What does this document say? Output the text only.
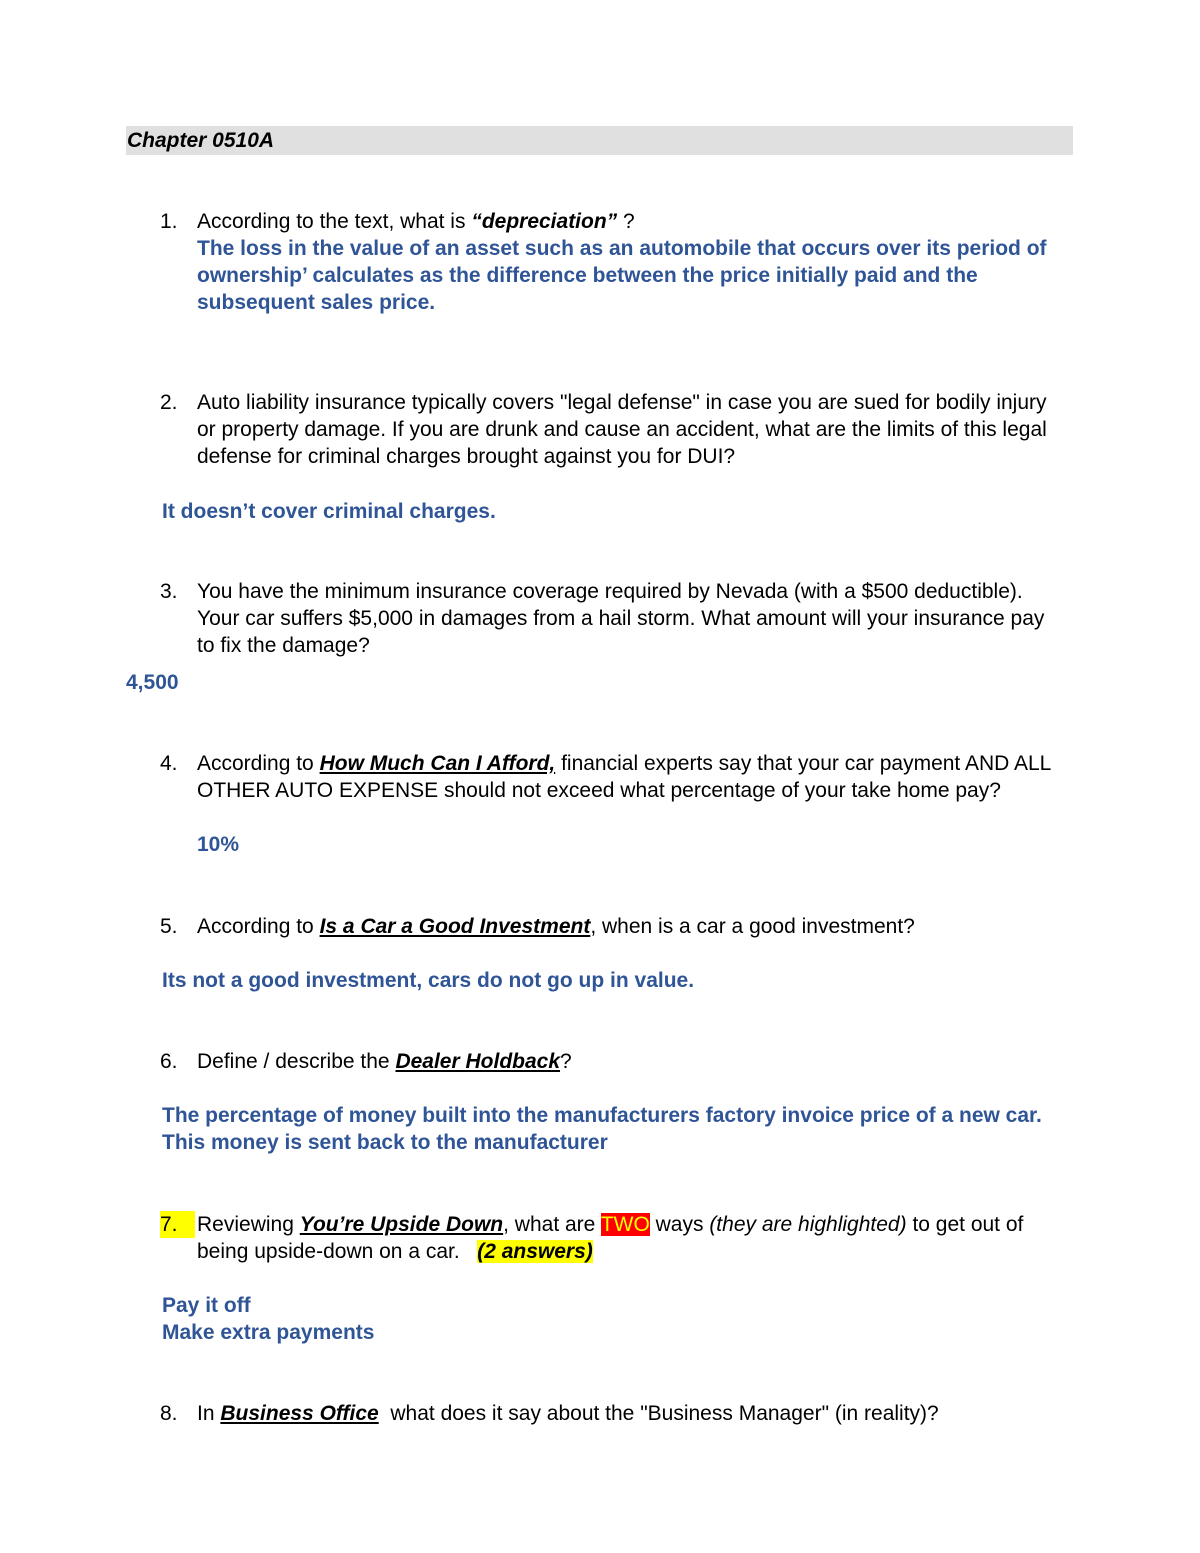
Chapter 0510A
1. According to the text, what is “depreciation” ?
The loss in the value of an asset such as an automobile that occurs over its period of ownership’ calculates as the difference between the price initially paid and the subsequent sales price.
2. Auto liability insurance typically covers "legal defense" in case you are sued for bodily injury or property damage. If you are drunk and cause an accident, what are the limits of this legal defense for criminal charges brought against you for DUI?
It doesn’t cover criminal charges.
3. You have the minimum insurance coverage required by Nevada (with a $500 deductible). Your car suffers $5,000 in damages from a hail storm. What amount will your insurance pay to fix the damage?
4,500
4. According to How Much Can I Afford, financial experts say that your car payment AND ALL OTHER AUTO EXPENSE should not exceed what percentage of your take home pay?
10%
5. According to Is a Car a Good Investment, when is a car a good investment?
Its not a good investment, cars do not go up in value.
6. Define / describe the Dealer Holdback?
The percentage of money built into the manufacturers factory invoice price of a new car. This money is sent back to the manufacturer
7. Reviewing You’re Upside Down, what are TWO ways (they are highlighted) to get out of being upside-down on a car.   (2 answers)
Pay it off
Make extra payments
8. In Business Office  what does it say about the "Business Manager" (in reality)?
